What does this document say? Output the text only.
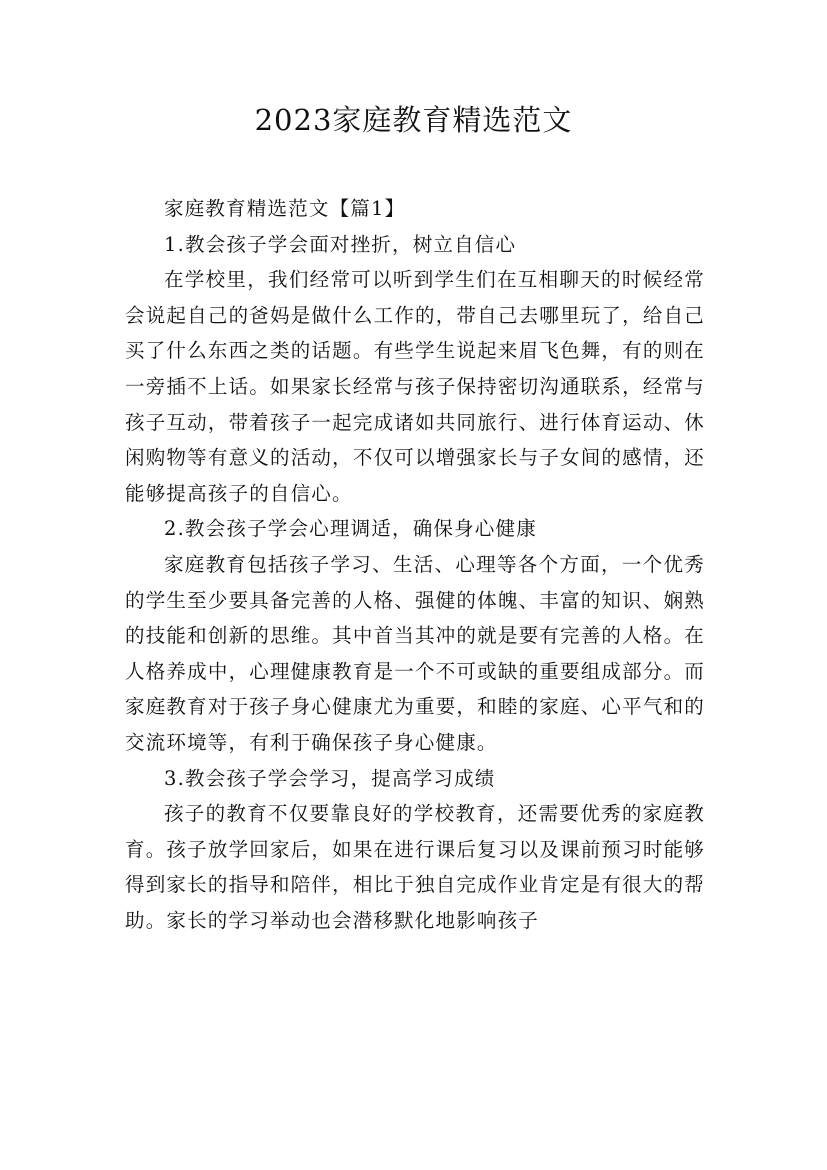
2023家庭教育精选范文

家庭教育精选范文【篇1】

1.教会孩子学会面对挫折，树立自信心

在学校里，我们经常可以听到学生们在互相聊天的时候经常会说起自己的爸妈是做什么工作的，带自己去哪里玩了，给自己买了什么东西之类的话题。有些学生说起来眉飞色舞，有的则在一旁插不上话。如果家长经常与孩子保持密切沟通联系，经常与孩子互动，带着孩子一起完成诸如共同旅行、进行体育运动、休闲购物等有意义的活动，不仅可以增强家长与子女间的感情，还能够提高孩子的自信心。

2.教会孩子学会心理调适，确保身心健康

家庭教育包括孩子学习、生活、心理等各个方面，一个优秀的学生至少要具备完善的人格、强健的体魄、丰富的知识、娴熟的技能和创新的思维。其中首当其冲的就是要有完善的人格。在人格养成中，心理健康教育是一个不可或缺的重要组成部分。而家庭教育对于孩子身心健康尤为重要，和睦的家庭、心平气和的交流环境等，有利于确保孩子身心健康。

3.教会孩子学会学习，提高学习成绩

孩子的教育不仅要靠良好的学校教育，还需要优秀的家庭教育。孩子放学回家后，如果在进行课后复习以及课前预习时能够得到家长的指导和陪伴，相比于独自完成作业肯定是有很大的帮助。家长的学习举动也会潜移默化地影响孩子
